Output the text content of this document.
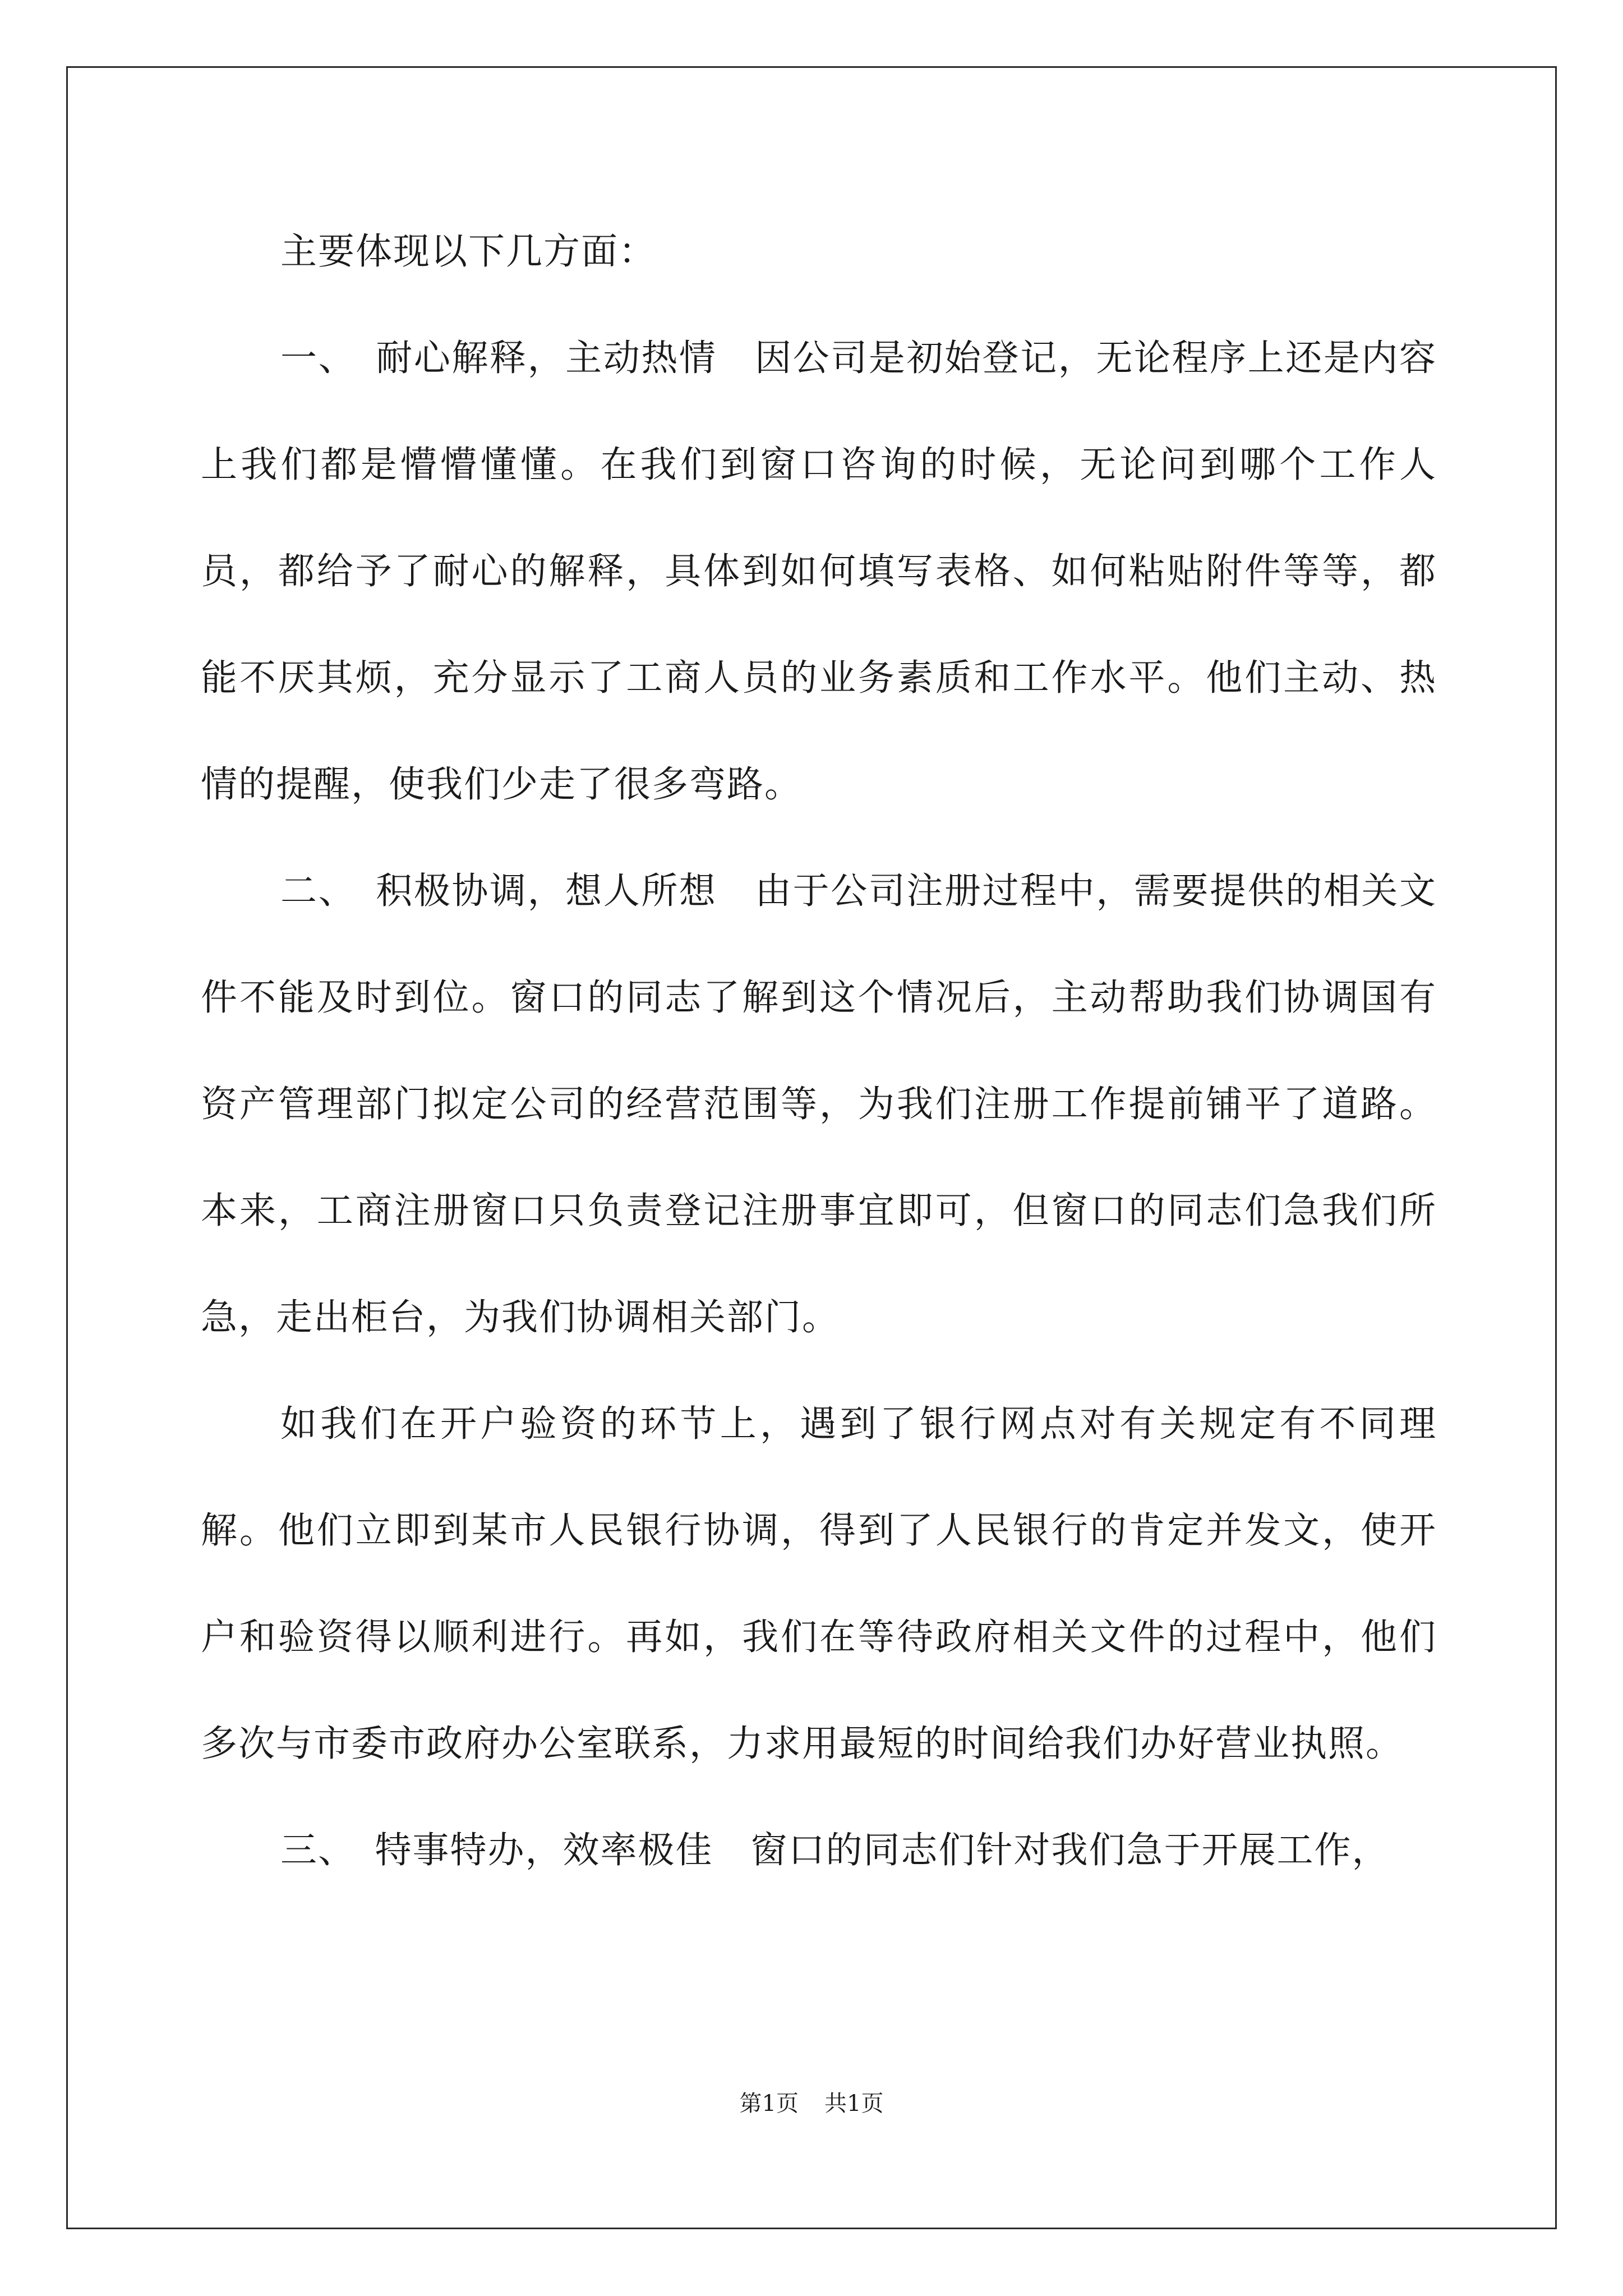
主要体现以下几方面：

一、　耐心解释，主动热情　因公司是初始登记，无论程序上还是内容上我们都是懵懵懂懂。在我们到窗口咨询的时候，无论问到哪个工作人员，都给予了耐心的解释，具体到如何填写表格、如何粘贴附件等等，都能不厌其烦，充分显示了工商人员的业务素质和工作水平。他们主动、热情的提醒，使我们少走了很多弯路。

二、　积极协调，想人所想　由于公司注册过程中，需要提供的相关文件不能及时到位。窗口的同志了解到这个情况后，主动帮助我们协调国有资产管理部门拟定公司的经营范围等，为我们注册工作提前铺平了道路。 本来，工商注册窗口只负责登记注册事宜即可，但窗口的同志们急我们所急，走出柜台，为我们协调相关部门。

如我们在开户验资的环节上，遇到了银行网点对有关规定有不同理解。他们立即到某市人民银行协调，得到了人民银行的肯定并发文，使开户和验资得以顺利进行。再如，我们在等待政府相关文件的过程中，他们多次与市委市政府办公室联系，力求用最短的时间给我们办好营业执照。

三、　特事特办，效率极佳　窗口的同志们针对我们急于开展工作，

第1页 共1页
